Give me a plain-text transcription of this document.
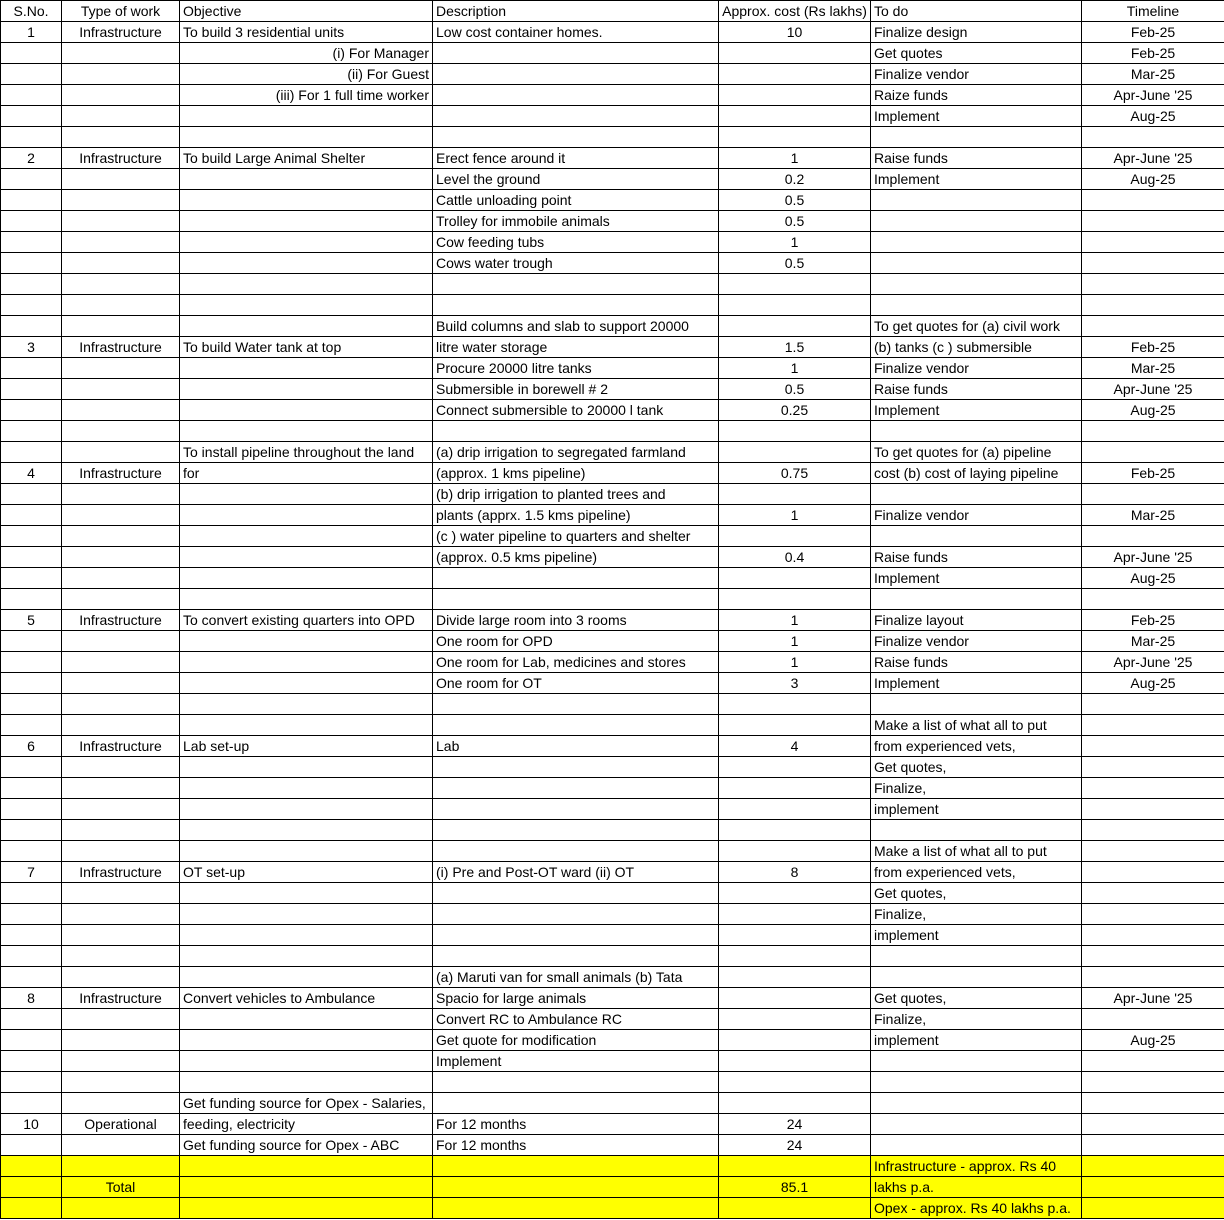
S.No.	Type of work	Objective	Description	Approx. cost (Rs lakhs)	To do	Timeline
1	Infrastructure	To build 3 residential units	Low cost container homes.	10	Finalize design	Feb-25
		(i) For Manager			Get quotes	Feb-25
		(ii) For Guest			Finalize vendor	Mar-25
		(iii) For 1 full time worker			Raize funds	Apr-June '25
					Implement	Aug-25

2	Infrastructure	To build Large Animal Shelter	Erect fence around it	1	Raise funds	Apr-June '25
			Level the ground	0.2	Implement	Aug-25
			Cattle unloading point	0.5		
			Trolley for immobile animals	0.5		
			Cow feeding tubs	1		
			Cows water trough	0.5		

			Build columns and slab to support 20000		To get quotes for (a) civil work	
3	Infrastructure	To build Water tank at top	litre water storage	1.5	(b) tanks (c ) submersible	Feb-25
			Procure 20000 litre tanks	1	Finalize vendor	Mar-25
			Submersible in borewell # 2	0.5	Raise funds	Apr-June '25
			Connect submersible to 20000 l tank	0.25	Implement	Aug-25

		To install pipeline throughout the land	(a) drip irrigation to segregated farmland		To get quotes for (a) pipeline	
4	Infrastructure	for	(approx. 1 kms pipeline)	0.75	cost (b) cost of laying pipeline	Feb-25
			(b) drip irrigation to planted trees and			
			plants (apprx. 1.5 kms pipeline)	1	Finalize vendor	Mar-25
			(c ) water pipeline to quarters and shelter			
			(approx. 0.5 kms pipeline)	0.4	Raise funds	Apr-June '25
					Implement	Aug-25

5	Infrastructure	To convert existing quarters into OPD	Divide large room into 3 rooms	1	Finalize layout	Feb-25
			One room for OPD	1	Finalize vendor	Mar-25
			One room for Lab, medicines and stores	1	Raise funds	Apr-June '25
			One room for OT	3	Implement	Aug-25

					Make a list of what all to put	
6	Infrastructure	Lab set-up	Lab	4	from experienced vets,	
					Get quotes,	
					Finalize,	
					implement	

					Make a list of what all to put	
7	Infrastructure	OT set-up	(i) Pre and Post-OT ward (ii) OT	8	from experienced vets,	
					Get quotes,	
					Finalize,	
					implement	

			(a) Maruti van for small animals (b) Tata			
8	Infrastructure	Convert vehicles to Ambulance	Spacio for large animals		Get quotes,	Apr-June '25
			Convert RC to Ambulance RC		Finalize,	
			Get quote for modification		implement	Aug-25
			Implement			

		Get funding source for Opex - Salaries,				
10	Operational	feeding, electricity	For 12 months	24		
		Get funding source for Opex - ABC	For 12 months	24		
					Infrastructure - approx. Rs 40	
	Total			85.1	lakhs p.a.	
					Opex - approx. Rs 40 lakhs p.a.	
